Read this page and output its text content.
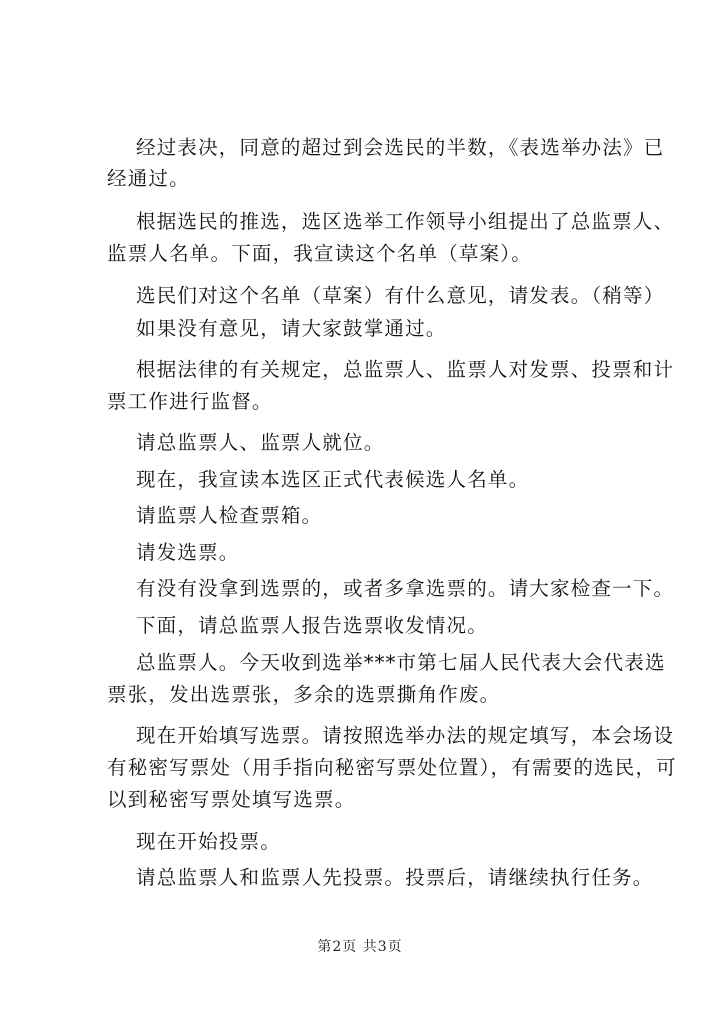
经过表决，同意的超过到会选民的半数，《表选举办法》已

经通过。

根据选民的推选，选区选举工作领导小组提出了总监票人、

监票人名单。下面，我宣读这个名单（草案）。

选民们对这个名单（草案）有什么意见，请发表。（稍等）

如果没有意见，请大家鼓掌通过。

根据法律的有关规定，总监票人、监票人对发票、投票和计

票工作进行监督。

请总监票人、监票人就位。

现在，我宣读本选区正式代表候选人名单。

请监票人检查票箱。

请发选票。

有没有没拿到选票的，或者多拿选票的。请大家检查一下。

下面，请总监票人报告选票收发情况。

总监票人。今天收到选举***市第七届人民代表大会代表选

票张，发出选票张，多余的选票撕角作废。

现在开始填写选票。请按照选举办法的规定填写，本会场设

有秘密写票处（用手指向秘密写票处位置），有需要的选民，可

以到秘密写票处填写选票。

现在开始投票。

请总监票人和监票人先投票。投票后，请继续执行任务。

第2页 共3页
